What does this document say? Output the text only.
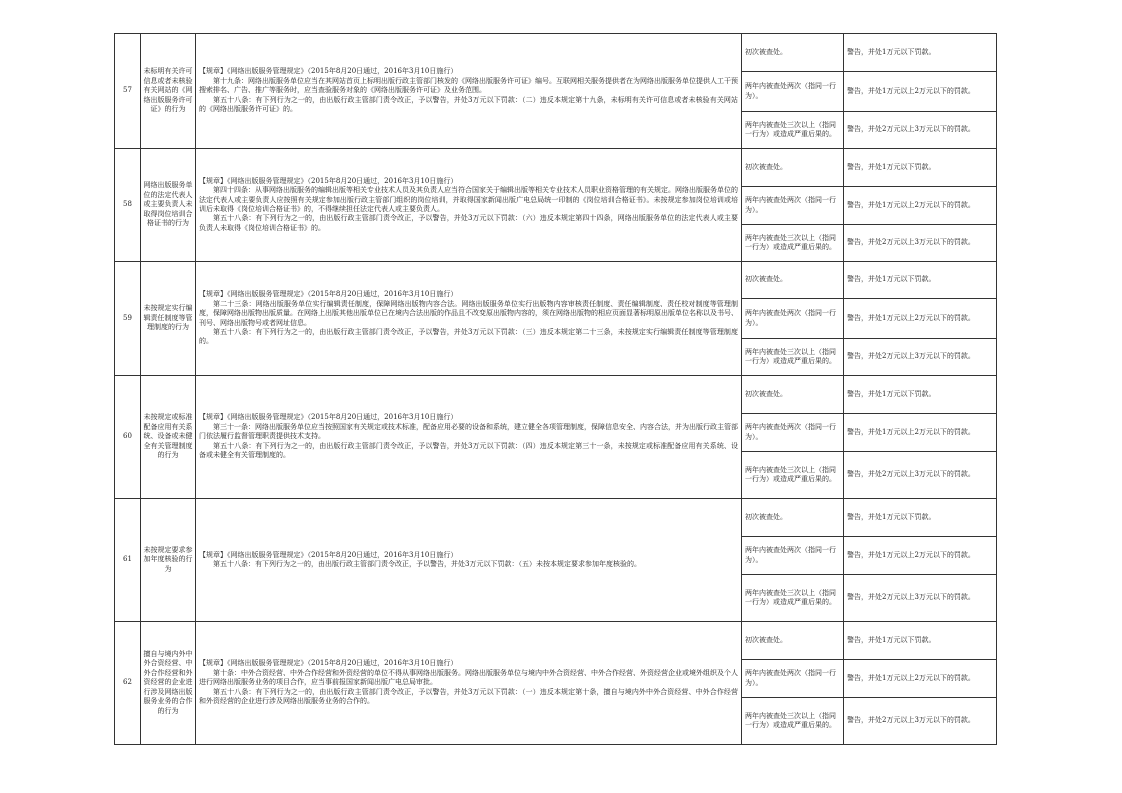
57	未标明有关许可信息或者未核验有关网站的《网络出版服务许可证》的行为	【规章】《网络出版服务管理规定》（2015年8月20日通过，2016年3月10日施行）

第十九条：网络出版服务单位应当在其网站首页上标明出版行政主管部门核发的《网络出版服务许可证》编号。互联网相关服务提供者在为网络出版服务单位提供人工干预搜索排名、广告、推广等服务时，应当查验服务对象的《网络出版服务许可证》及业务范围。

第五十八条：有下列行为之一的，由出版行政主管部门责令改正，予以警告，并处3万元以下罚款：（二）违反本规定第十九条，未标明有关许可信息或者未核验有关网站的《网络出版服务许可证》的。	初次被查处。	警告，并处1万元以下罚款。
			两年内被查处两次（指同一行为）。	警告，并处1万元以上2万元以下的罚款。
			两年内被查处三次以上（指同一行为）或造成严重后果的。	警告，并处2万元以上3万元以下的罚款。
58	网络出版服务单位的法定代表人或主要负责人未取得岗位培训合格证书的行为	【规章】《网络出版服务管理规定》（2015年8月20日通过，2016年3月10日施行）

第四十四条：从事网络出版服务的编辑出版等相关专业技术人员及其负责人应当符合国家关于编辑出版等相关专业技术人员职业资格管理的有关规定。网络出版服务单位的法定代表人或主要负责人应按照有关规定参加出版行政主管部门组织的岗位培训，并取得国家新闻出版广电总局统一印制的《岗位培训合格证书》。未按规定参加岗位培训或培训后未取得《岗位培训合格证书》的，不得继续担任法定代表人或主要负责人。

第五十八条：有下列行为之一的，由出版行政主管部门责令改正，予以警告，并处3万元以下罚款：（六）违反本规定第四十四条，网络出版服务单位的法定代表人或主要负责人未取得《岗位培训合格证书》的。	初次被查处。	警告，并处1万元以下罚款。
			两年内被查处两次（指同一行为）。	警告，并处1万元以上2万元以下的罚款。
			两年内被查处三次以上（指同一行为）或造成严重后果的。	警告，并处2万元以上3万元以下的罚款。
59	未按规定实行编辑责任制度等管理制度的行为	【规章】《网络出版服务管理规定》（2015年8月20日通过，2016年3月10日施行）

第二十三条：网络出版服务单位实行编辑责任制度，保障网络出版物内容合法。网络出版服务单位实行出版物内容审核责任制度、责任编辑制度、责任校对制度等管理制度，保障网络出版物出版质量。在网络上出版其他出版单位已在境内合法出版的作品且不改变原出版物内容的，须在网络出版物的相应页面显著标明原出版单位名称以及书号、刊号、网络出版物号或者网址信息。

第五十八条：有下列行为之一的，由出版行政主管部门责令改正，予以警告，并处3万元以下罚款：（三）违反本规定第二十三条，未按规定实行编辑责任制度等管理制度的。	初次被查处。	警告，并处1万元以下罚款。
			两年内被查处两次（指同一行为）。	警告，并处1万元以上2万元以下的罚款。
			两年内被查处三次以上（指同一行为）或造成严重后果的。	警告，并处2万元以上3万元以下的罚款。
60	未按规定或标准配备应用有关系统、设备或未健全有关管理制度的行为	【规章】《网络出版服务管理规定》（2015年8月20日通过，2016年3月10日施行）

第三十一条：网络出版服务单位应当按照国家有关规定或技术标准，配备应用必要的设备和系统，建立健全各项管理制度，保障信息安全、内容合法，并为出版行政主管部门依法履行监督管理职责提供技术支持。

第五十八条：有下列行为之一的，由出版行政主管部门责令改正，予以警告，并处3万元以下罚款：（四）违反本规定第三十一条，未按规定或标准配备应用有关系统、设备或未健全有关管理制度的。	初次被查处。	警告，并处1万元以下罚款。
			两年内被查处两次（指同一行为）。	警告，并处1万元以上2万元以下的罚款。
			两年内被查处三次以上（指同一行为）或造成严重后果的。	警告，并处2万元以上3万元以下的罚款。
61	未按规定要求参加年度核验的行为	【规章】《网络出版服务管理规定》（2015年8月20日通过，2016年3月10日施行）

第五十八条：有下列行为之一的，由出版行政主管部门责令改正，予以警告，并处3万元以下罚款：（五）未按本规定要求参加年度核验的。	初次被查处。	警告，并处1万元以下罚款。
			两年内被查处两次（指同一行为）。	警告，并处1万元以上2万元以下的罚款。
			两年内被查处三次以上（指同一行为）或造成严重后果的。	警告，并处2万元以上3万元以下的罚款。
62	擅自与境内外中外合资经营、中外合作经营和外资经营的企业进行涉及网络出版服务业务的合作的行为	【规章】《网络出版服务管理规定》（2015年8月20日通过，2016年3月10日施行）

第十条：中外合资经营、中外合作经营和外资经营的单位不得从事网络出版服务。网络出版服务单位与境内中外合资经营、中外合作经营、外资经营企业或境外组织及个人进行网络出版服务业务的项目合作，应当事前报国家新闻出版广电总局审批。

第五十八条：有下列行为之一的，由出版行政主管部门责令改正，予以警告，并处3万元以下罚款：（一）违反本规定第十条，擅自与境内外中外合资经营、中外合作经营和外资经营的企业进行涉及网络出版服务业务的合作的。	初次被查处。	警告，并处1万元以下罚款。
			两年内被查处两次（指同一行为）。	警告，并处1万元以上2万元以下的罚款。
			两年内被查处三次以上（指同一行为）或造成严重后果的。	警告，并处2万元以上3万元以下的罚款。
